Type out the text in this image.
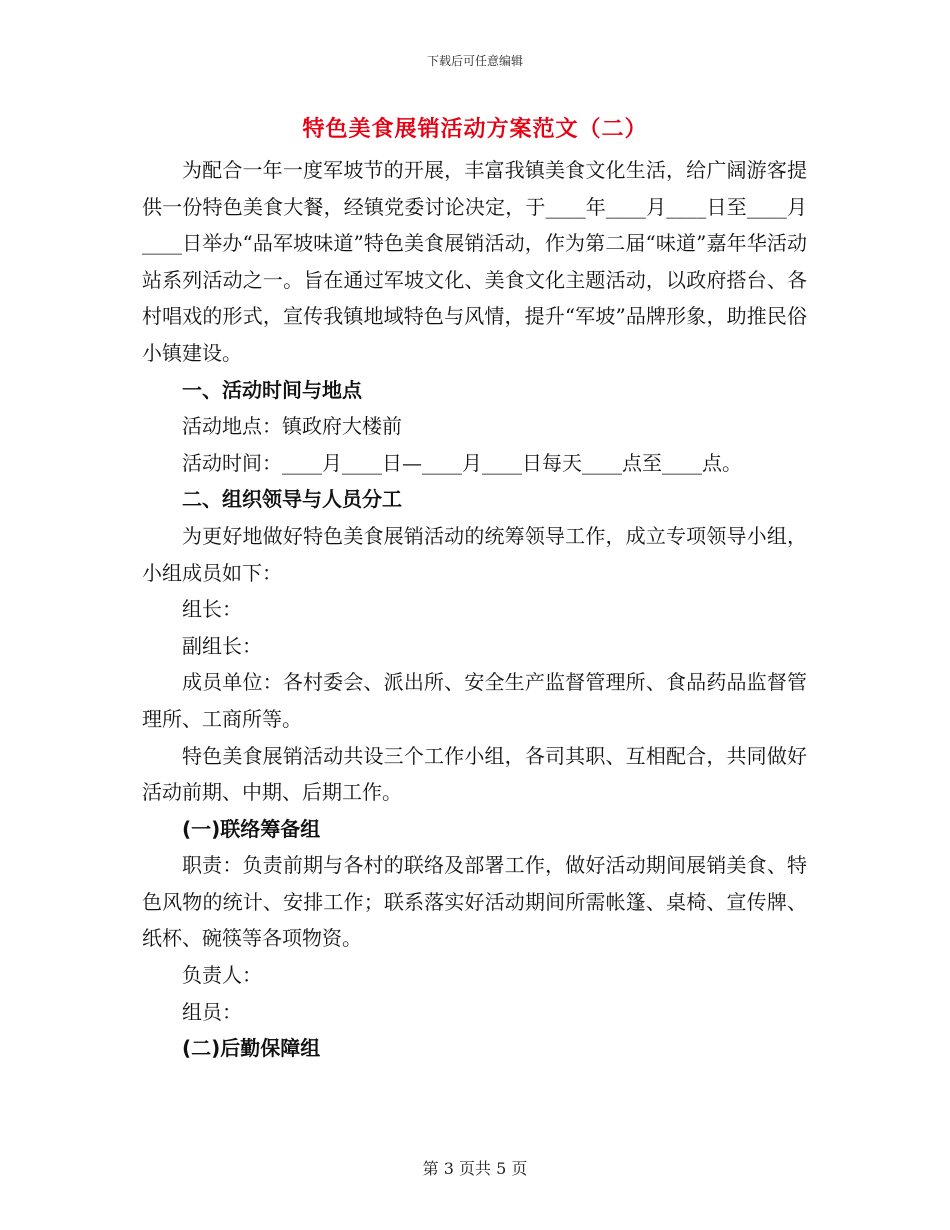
下载后可任意编辑
特色美食展销活动方案范文（二）

为配合一年一度军坡节的开展，丰富我镇美食文化生活，给广阔游客提供一份特色美食大餐，经镇党委讨论决定，于____年____月____日至____月____日举办“品军坡味道”特色美食展销活动，作为第二届“味道”嘉年华活动站系列活动之一。旨在通过军坡文化、美食文化主题活动，以政府搭台、各村唱戏的形式，宣传我镇地域特色与风情，提升“军坡”品牌形象，助推民俗小镇建设。

一、活动时间与地点

活动地点：镇政府大楼前

活动时间：____月____日—____月____日每天____点至____点。

二、组织领导与人员分工

为更好地做好特色美食展销活动的统筹领导工作，成立专项领导小组，小组成员如下：

组长：

副组长：

成员单位：各村委会、派出所、安全生产监督管理所、食品药品监督管理所、工商所等。

特色美食展销活动共设三个工作小组，各司其职、互相配合，共同做好活动前期、中期、后期工作。

(一)联络筹备组

职责：负责前期与各村的联络及部署工作，做好活动期间展销美食、特色风物的统计、安排工作；联系落实好活动期间所需帐篷、桌椅、宣传牌、纸杯、碗筷等各项物资。

负责人：

组员：

(二)后勤保障组

第 3 页共 5 页
